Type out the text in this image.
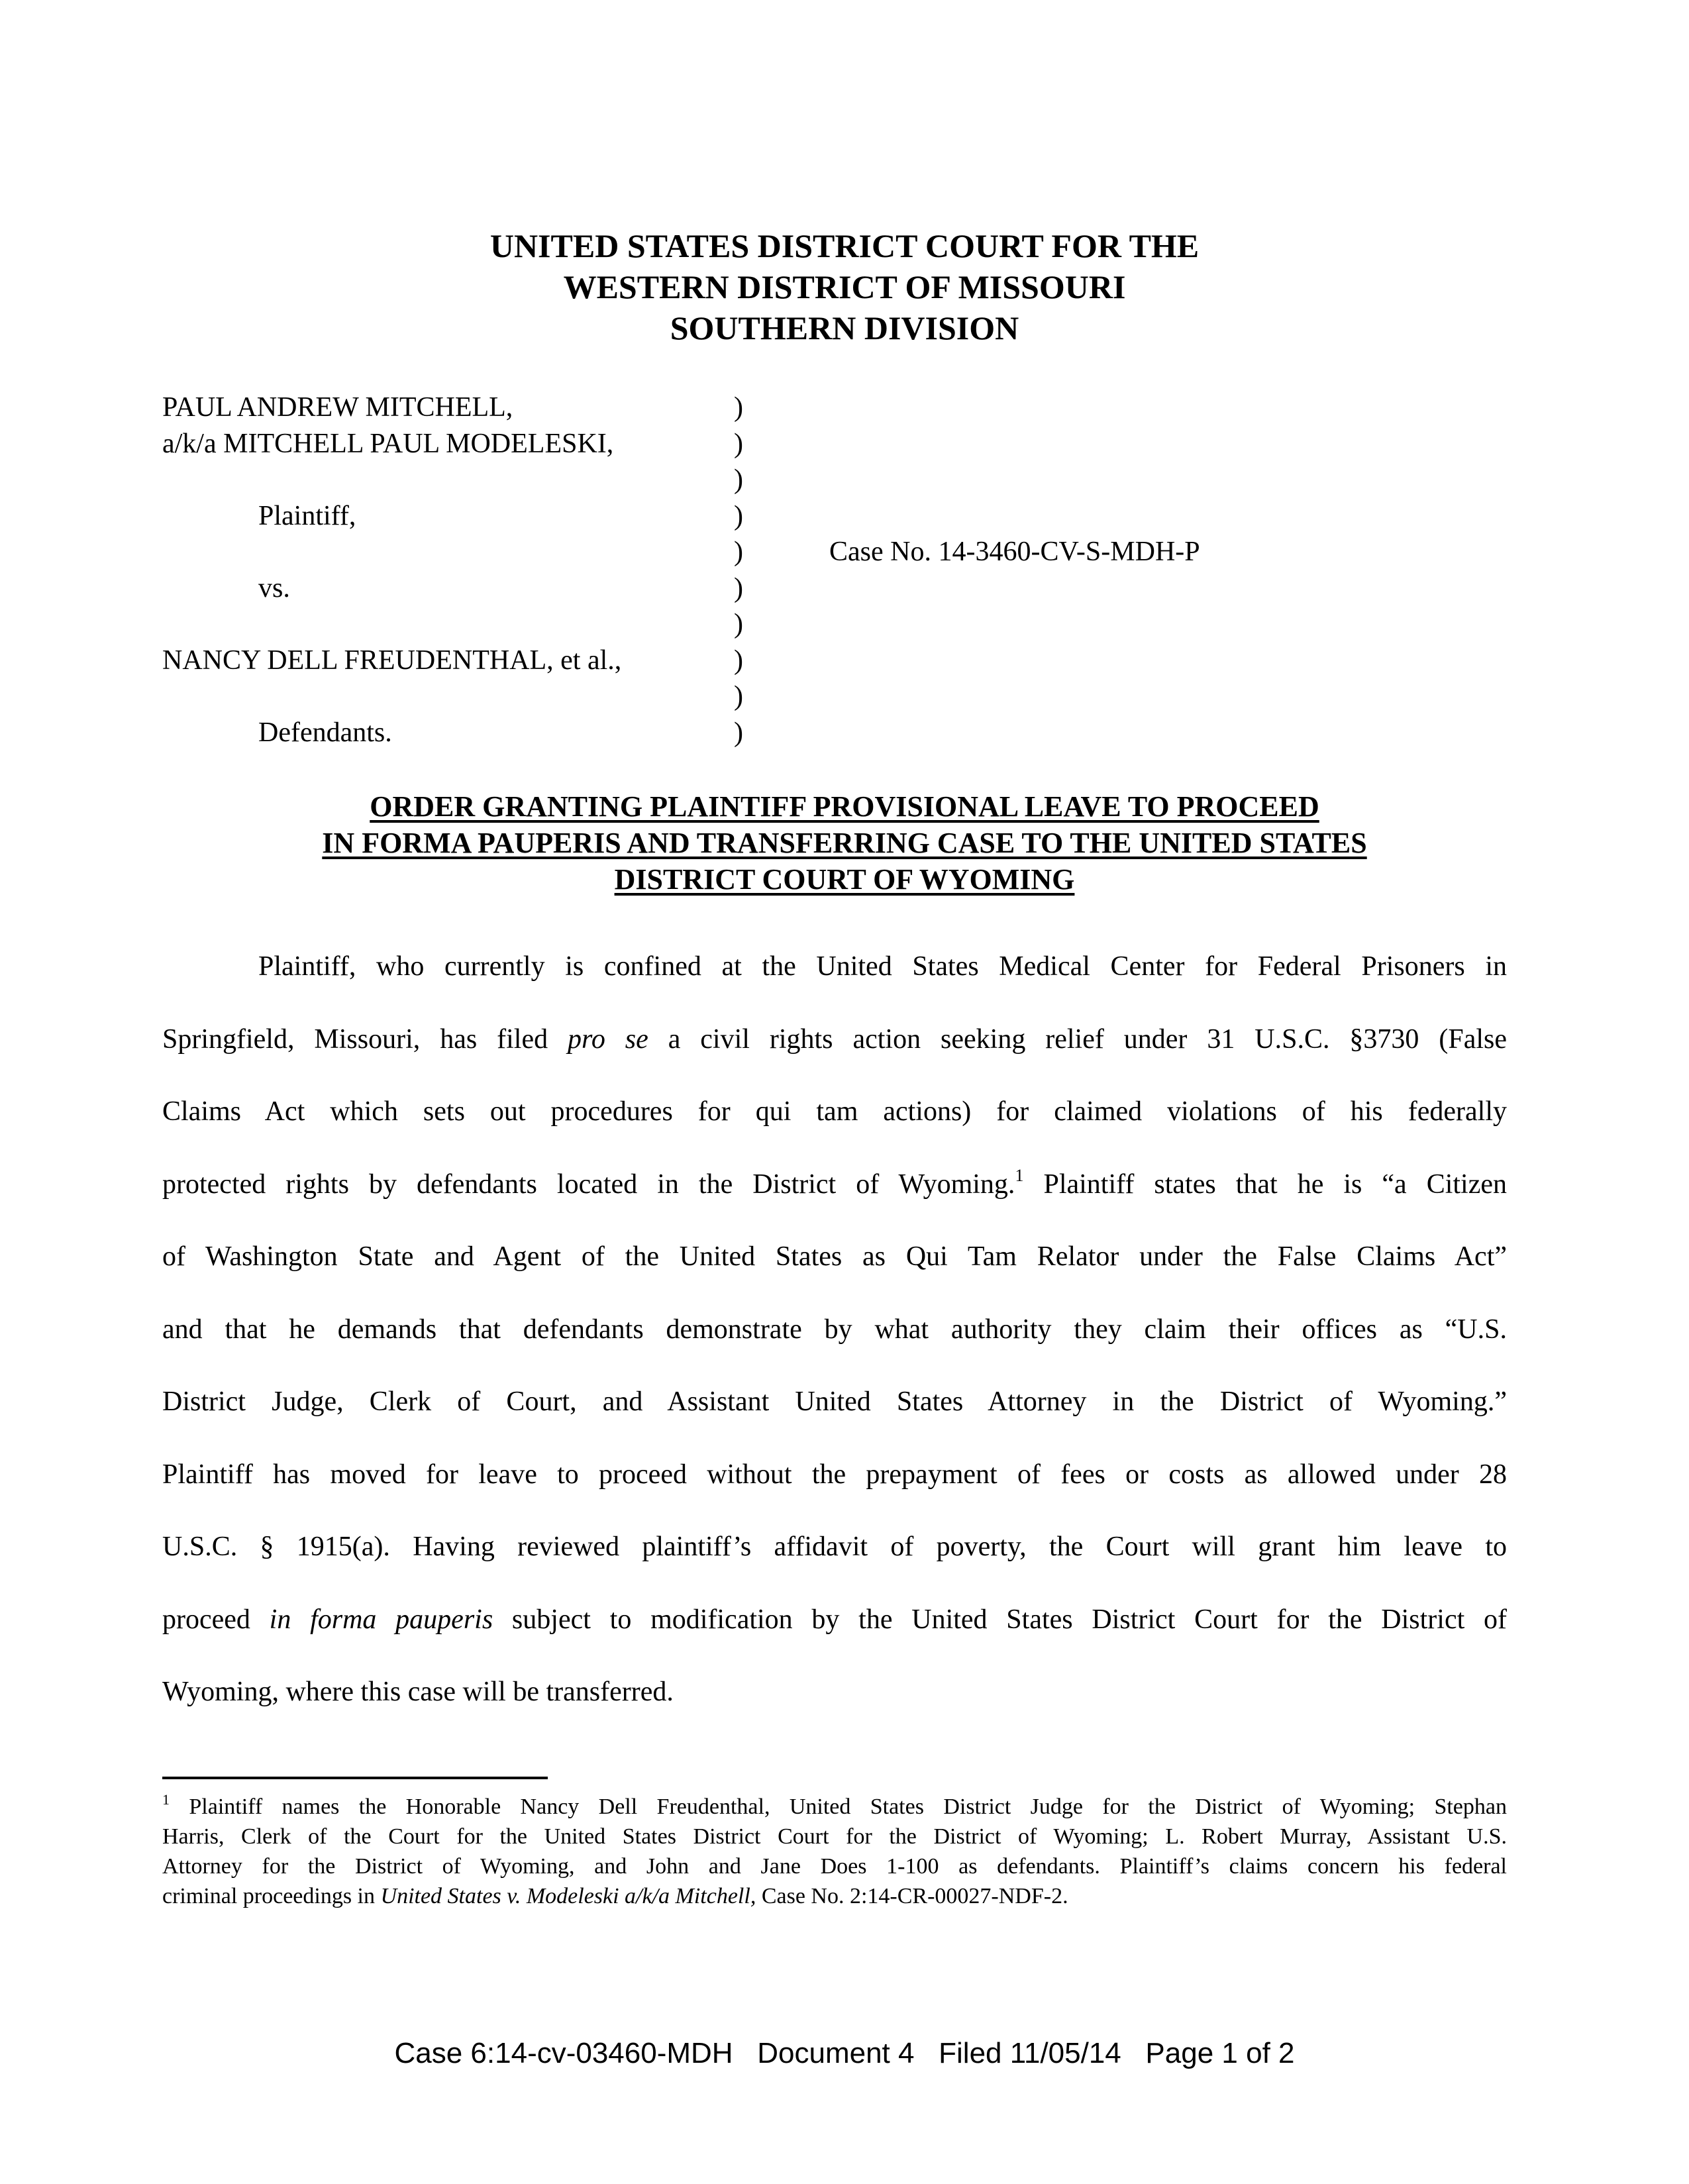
UNITED STATES DISTRICT COURT FOR THE
WESTERN DISTRICT OF MISSOURI
SOUTHERN DIVISION
PAUL ANDREW MITCHELL,
a/k/a MITCHELL PAUL MODELESKI,
Plaintiff,
vs.
NANCY DELL FREUDENTHAL, et al.,
Defendants.
)
)
)
)
)
)
)
)
)
)
Case No. 14-3460-CV-S-MDH-P
ORDER GRANTING PLAINTIFF PROVISIONAL LEAVE TO PROCEED
IN FORMA PAUPERIS AND TRANSFERRING CASE TO THE UNITED STATES
DISTRICT COURT OF WYOMING
Plaintiff, who currently is confined at the United States Medical Center for Federal Prisoners in
Springfield, Missouri, has filed pro se a civil rights action seeking relief under 31 U.S.C. §3730 (False
Claims Act which sets out procedures for qui tam actions) for claimed violations of his federally
protected rights by defendants located in the District of Wyoming.$^1$ Plaintiff states that he is “a Citizen
of Washington State and Agent of the United States as Qui Tam Relator under the False Claims Act”
and that he demands that defendants demonstrate by what authority they claim their offices as “U.S.
District Judge, Clerk of Court, and Assistant United States Attorney in the District of Wyoming.”
Plaintiff has moved for leave to proceed without the prepayment of fees or costs as allowed under 28
U.S.C. § 1915(a). Having reviewed plaintiff’s affidavit of poverty, the Court will grant him leave to
proceed in forma pauperis subject to modification by the United States District Court for the District of
Wyoming, where this case will be transferred.
$^1$ Plaintiff names the Honorable Nancy Dell Freudenthal, United States District Judge for the District of Wyoming; Stephan
Harris, Clerk of the Court for the United States District Court for the District of Wyoming; L. Robert Murray, Assistant U.S.
Attorney for the District of Wyoming, and John and Jane Does 1-100 as defendants. Plaintiff’s claims concern his federal
criminal proceedings in United States v. Modeleski a/k/a Mitchell, Case No. 2:14-CR-00027-NDF-2.
Case 6:14-cv-03460-MDH   Document 4   Filed 11/05/14   Page 1 of 2
